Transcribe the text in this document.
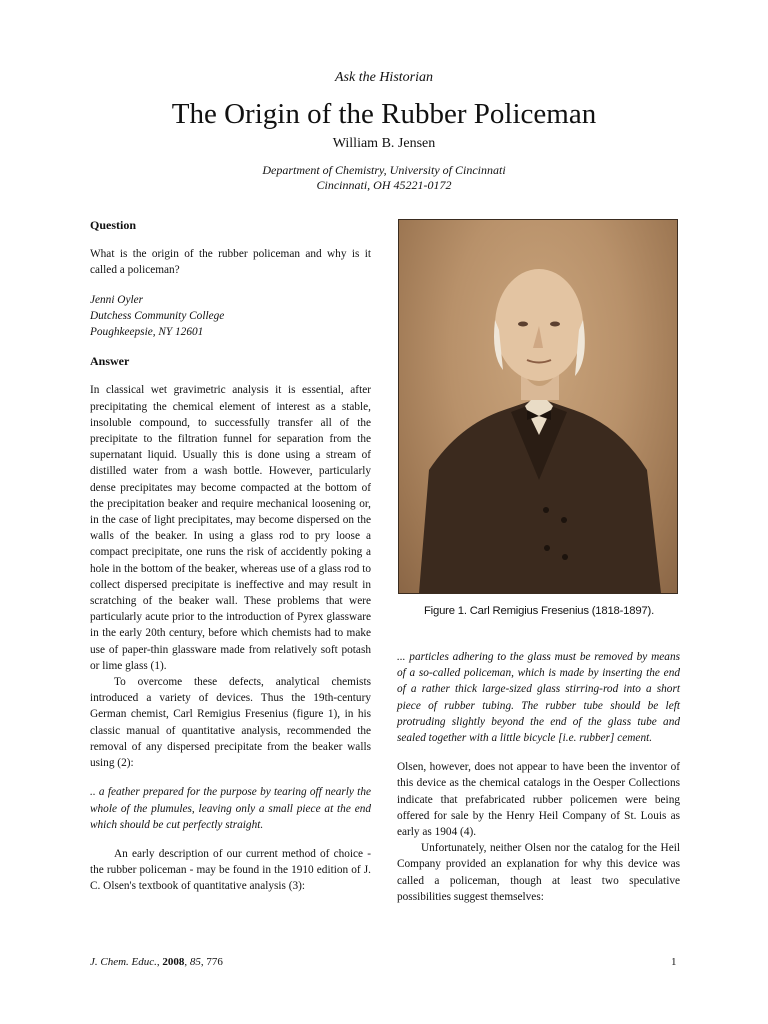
Ask the Historian
The Origin of the Rubber Policeman
William B. Jensen
Department of Chemistry, University of Cincinnati
Cincinnati, OH 45221-0172
Question

What is the origin of the rubber policeman and why is it called a policeman?

Jenni Oyler
Dutchess Community College
Poughkeepsie, NY 12601
Answer

In classical wet gravimetric analysis it is essential, after precipitating the chemical element of interest as a stable, insoluble compound, to successfully transfer all of the precipitate to the filtration funnel for separation from the supernatant liquid. Usually this is done using a stream of distilled water from a wash bottle. However, particularly dense precipitates may become compacted at the bottom of the precipitation beaker and require mechanical loosening or, in the case of light precipitates, may become dispersed on the walls of the beaker. In using a glass rod to pry loose a compact precipitate, one runs the risk of accidently poking a hole in the bottom of the beaker, whereas use of a glass rod to collect dispersed precipitate is ineffective and may result in scratching of the beaker wall. These problems that were particularly acute prior to the introduction of Pyrex glassware in the early 20th century, before which chemists had to make use of paper-thin glassware made from relatively soft potash or lime glass (1).

To overcome these defects, analytical chemists introduced a variety of devices. Thus the 19th-century German chemist, Carl Remigius Fresenius (figure 1), in his classic manual of quantitative analysis, recommended the removal of any dispersed precipitate from the beaker walls using (2):

.. a feather prepared for the purpose by tearing off nearly the whole of the plumules, leaving only a small piece at the end which should be cut perfectly straight.

An early description of our current method of choice - the rubber policeman - may be found in the 1910 edition of J. C. Olsen's textbook of quantitative analysis (3):

Figure 1. Carl Remigius Fresenius (1818-1897).

... particles adhering to the glass must be removed by means of a so-called policeman, which is made by inserting the end of a rather thick large-sized glass stirring-rod into a short piece of rubber tubing. The rubber tube should be left protruding slightly beyond the end of the glass tube and sealed together with a little bicycle [i.e. rubber] cement.

Olsen, however, does not appear to have been the inventor of this device as the chemical catalogs in the Oesper Collections indicate that prefabricated rubber policemen were being offered for sale by the Henry Heil Company of St. Louis as early as 1904 (4).

Unfortunately, neither Olsen nor the catalog for the Heil Company provided an explanation for why this device was called a policeman, though at least two speculative possibilities suggest themselves:

J. Chem. Educ., 2008, 85, 776	1
